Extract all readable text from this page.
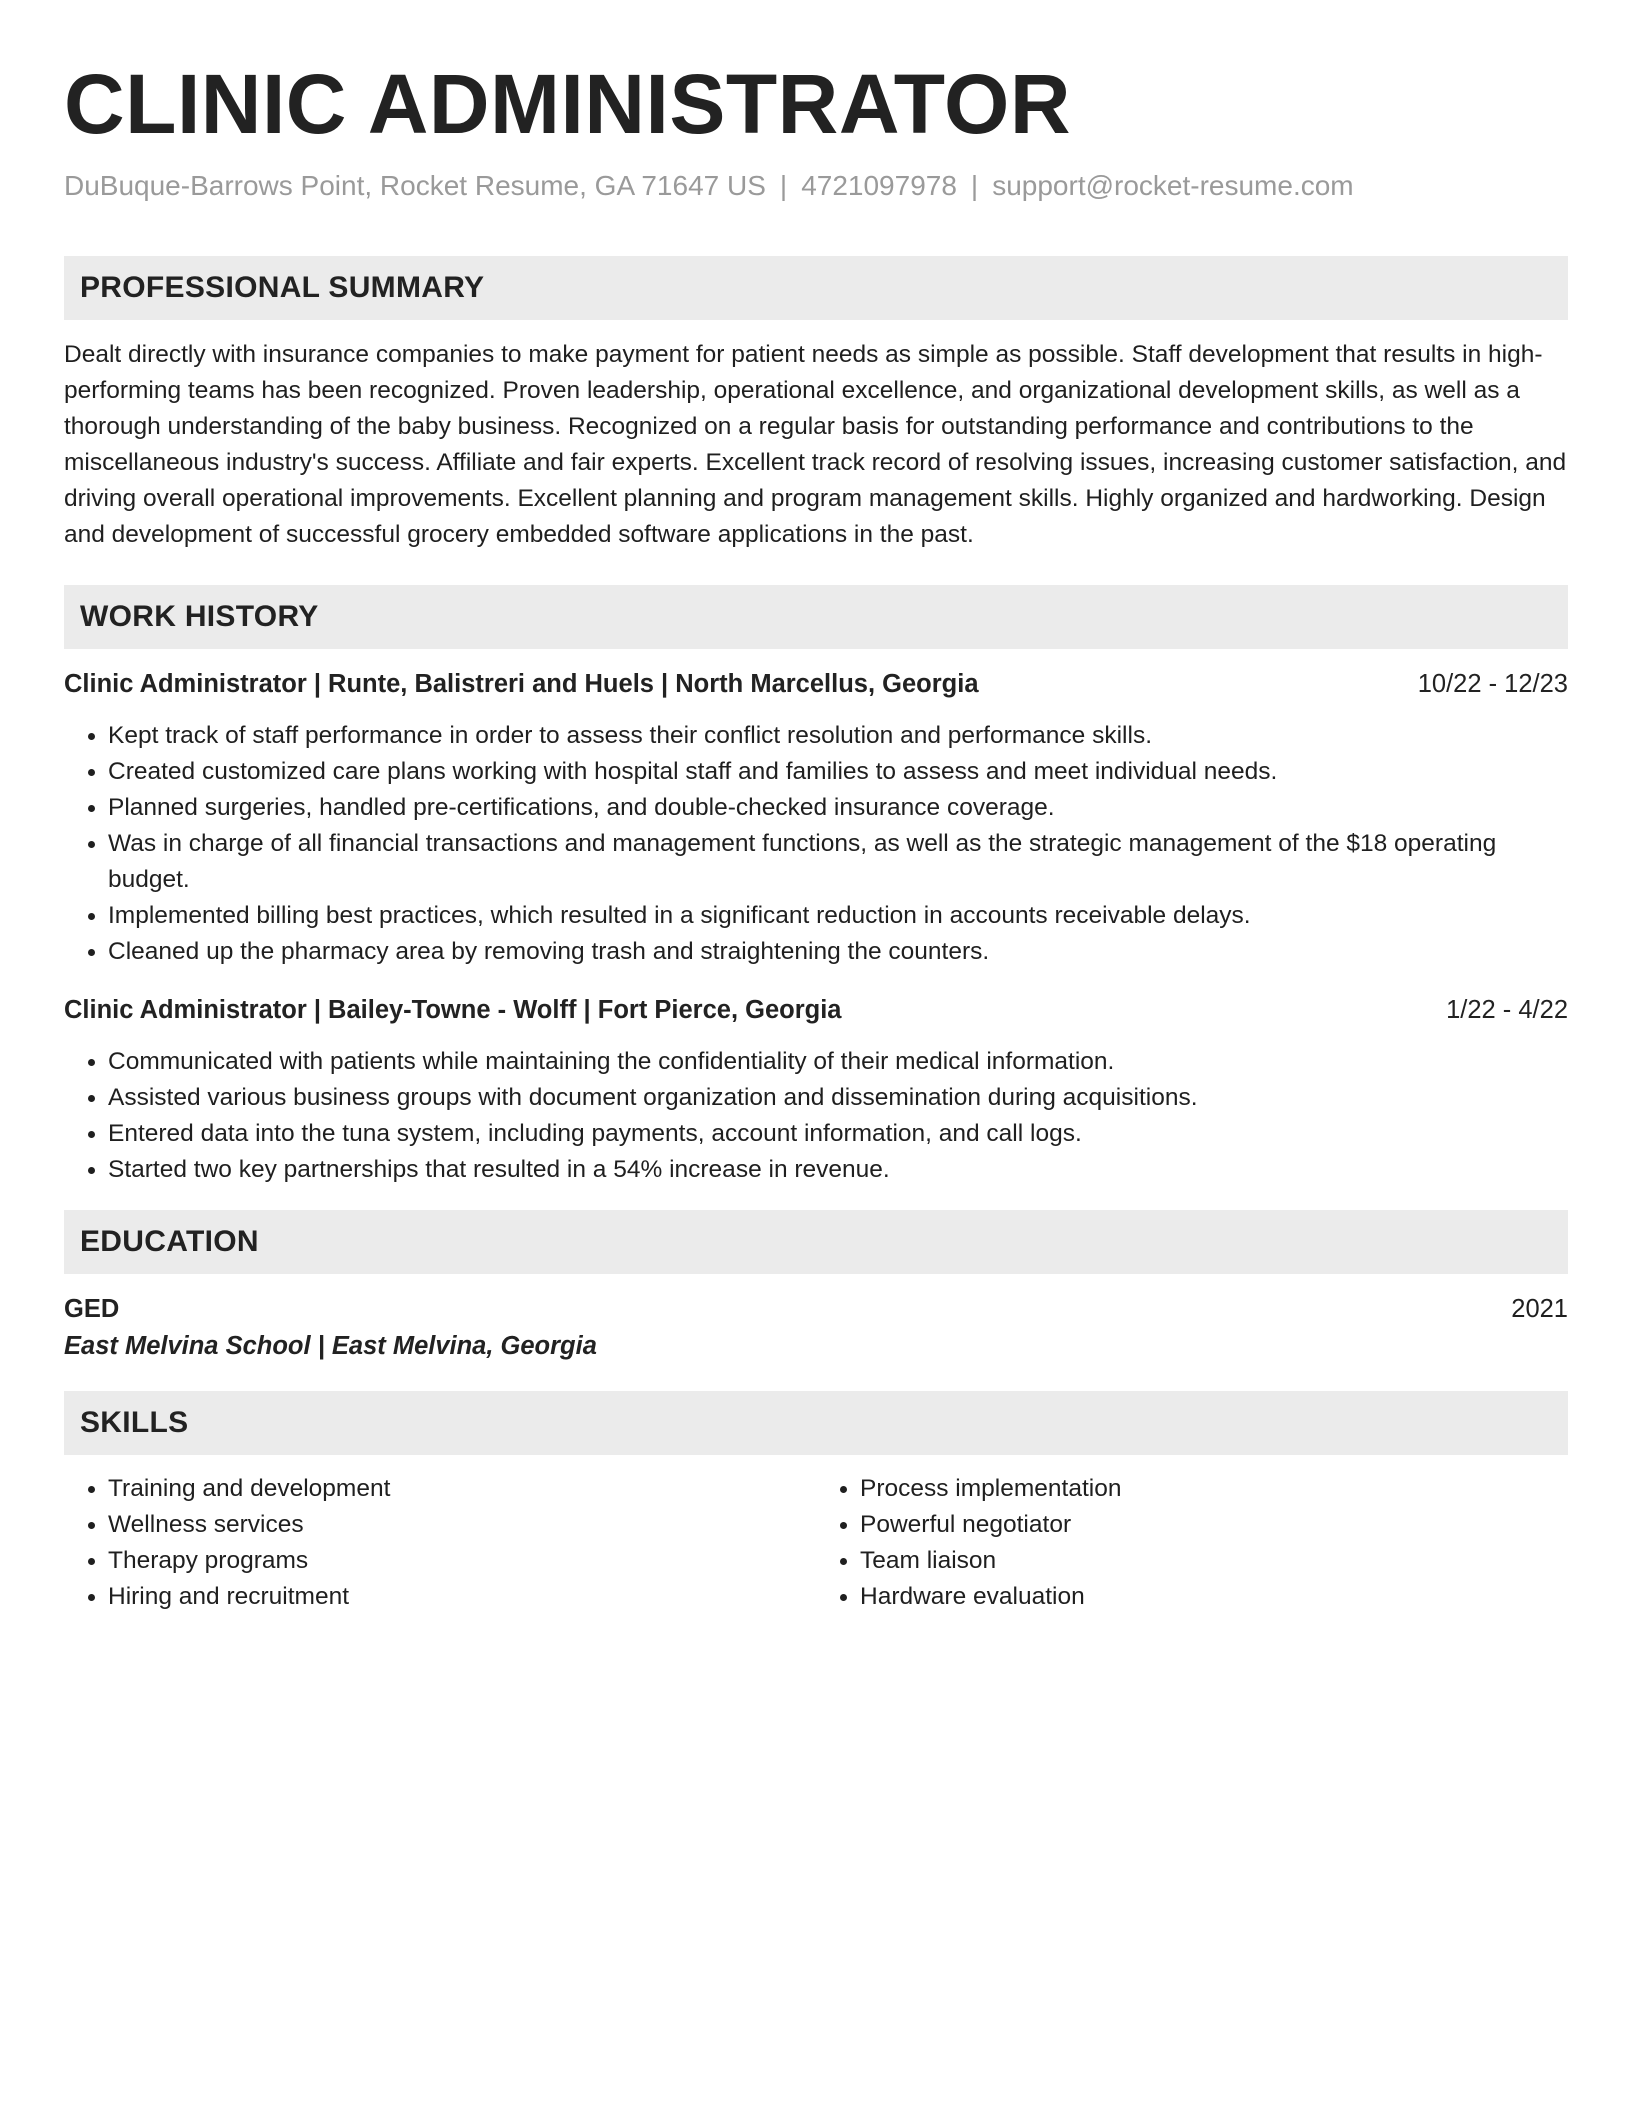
CLINIC ADMINISTRATOR
DuBuque-Barrows Point, Rocket Resume, GA 71647 US | 4721097978 | support@rocket-resume.com
PROFESSIONAL SUMMARY

Dealt directly with insurance companies to make payment for patient needs as simple as possible. Staff development that results in high-performing teams has been recognized. Proven leadership, operational excellence, and organizational development skills, as well as a thorough understanding of the baby business. Recognized on a regular basis for outstanding performance and contributions to the miscellaneous industry's success. Affiliate and fair experts. Excellent track record of resolving issues, increasing customer satisfaction, and driving overall operational improvements. Excellent planning and program management skills. Highly organized and hardworking. Design and development of successful grocery embedded software applications in the past.

WORK HISTORY
Clinic Administrator | Runte, Balistreri and Huels | North Marcellus, Georgia	10/22 - 12/23
• Kept track of staff performance in order to assess their conflict resolution and performance skills.
• Created customized care plans working with hospital staff and families to assess and meet individual needs.
• Planned surgeries, handled pre-certifications, and double-checked insurance coverage.
• Was in charge of all financial transactions and management functions, as well as the strategic management of the $18 operating budget.
• Implemented billing best practices, which resulted in a significant reduction in accounts receivable delays.
• Cleaned up the pharmacy area by removing trash and straightening the counters.
Clinic Administrator | Bailey-Towne - Wolff | Fort Pierce, Georgia	1/22 - 4/22
• Communicated with patients while maintaining the confidentiality of their medical information.
• Assisted various business groups with document organization and dissemination during acquisitions.
• Entered data into the tuna system, including payments, account information, and call logs.
• Started two key partnerships that resulted in a 54% increase in revenue.
EDUCATION
GED	2021
East Melvina School | East Melvina, Georgia
SKILLS
• Training and development
• Wellness services
• Therapy programs
• Hiring and recruitment
• Process implementation
• Powerful negotiator
• Team liaison
• Hardware evaluation
